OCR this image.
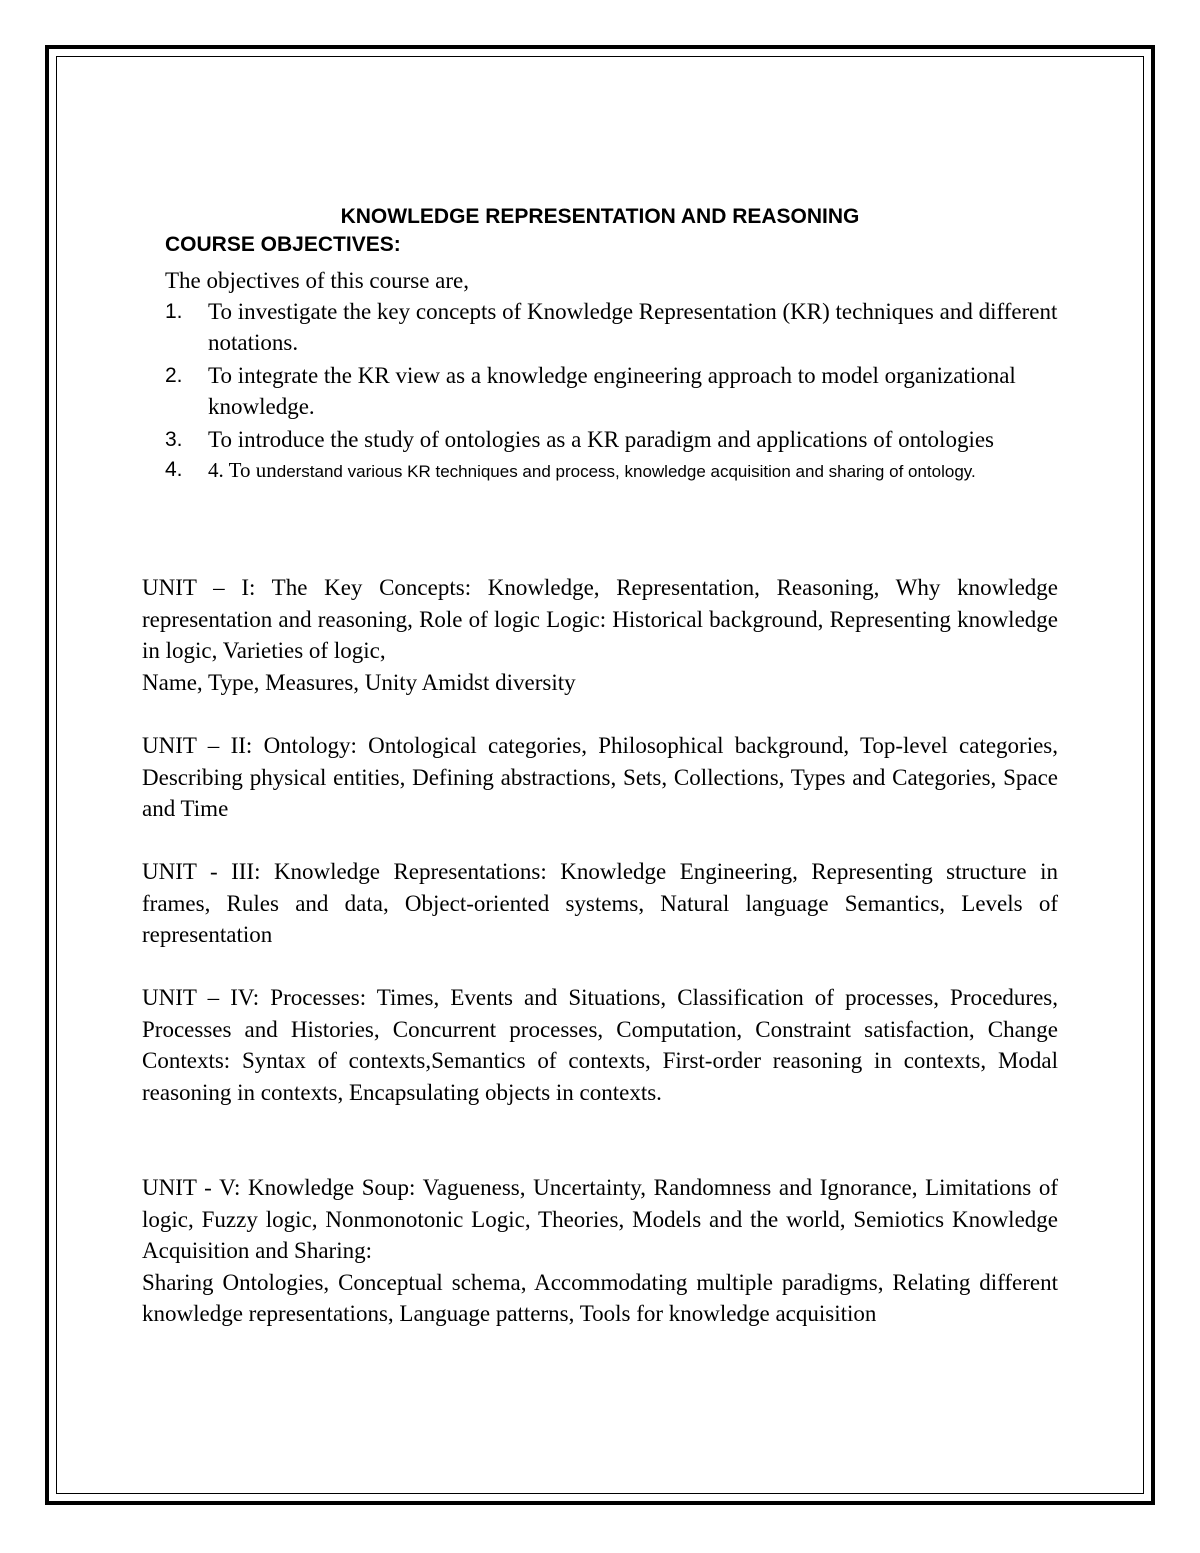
KNOWLEDGE REPRESENTATION AND REASONING
COURSE OBJECTIVES:
The objectives of this course are,
1. To investigate the key concepts of Knowledge Representation (KR) techniques and different notations.
2. To integrate the KR view as a knowledge engineering approach to model organizational knowledge.
3. To introduce the study of ontologies as a KR paradigm and applications of ontologies
4. 4. To understand various KR techniques and process, knowledge acquisition and sharing of ontology.
UNIT – I: The Key Concepts: Knowledge, Representation, Reasoning, Why knowledge representation and reasoning, Role of logic Logic: Historical background, Representing knowledge in logic, Varieties of logic,
Name, Type, Measures, Unity Amidst diversity
UNIT – II: Ontology: Ontological categories, Philosophical background, Top-level categories, Describing physical entities, Defining abstractions, Sets, Collections, Types and Categories, Space and Time
UNIT - III: Knowledge Representations: Knowledge Engineering, Representing structure in frames, Rules and data, Object-oriented systems, Natural language Semantics, Levels of representation
UNIT – IV: Processes: Times, Events and Situations, Classification of processes, Procedures, Processes and Histories, Concurrent processes, Computation, Constraint satisfaction, Change Contexts: Syntax of contexts,Semantics of contexts, First-order reasoning in contexts, Modal reasoning in contexts, Encapsulating objects in contexts.
UNIT - V: Knowledge Soup: Vagueness, Uncertainty, Randomness and Ignorance, Limitations of logic, Fuzzy logic, Nonmonotonic Logic, Theories, Models and the world, Semiotics Knowledge Acquisition and Sharing:
Sharing Ontologies, Conceptual schema, Accommodating multiple paradigms, Relating different knowledge representations, Language patterns, Tools for knowledge acquisition
